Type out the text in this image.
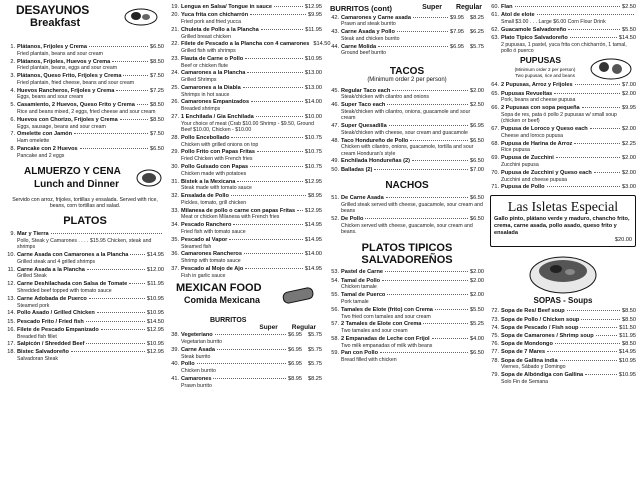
DESAYUNOS
Breakfast
1. Plátanos, Frijoles y Crema	$6.50
Fried plantain, beans and sour cream
2. Plátanos, Frijoles, Huevos y Crema	$8.50
Fried plantain, beans, eggs and sour cream
3. Plátanos, Queso Frito, Frijoles y Crema	$7.50
Fried plantain, fried cheese, beans and sour cream
4. Huevos Rancheros, Frijoles y Crema	$7.25
Eggs, beans and sour cream
5. Casamiento, 2 Huevos, Queso Frito y Crema	$8.50
Rice and beans mixed, 2 eggs, fried cheese and sour cream
6. Huevos con Chorizo, Frijoles y Crema	$8.50
Eggs, sausage, beans and sour cream
7. Omelette con Jamón	$7.50
Ham omelette
8. Pancake con 2 Huevos	$6.50
Pancake and 2 eggs
ALMUERZO Y CENA
Lunch and Dinner
Servido con arroz, frijoles, tortillas y ensalada. Served with rice, beans, corn tortillas and salad.
PLATOS
9. Mar y Tierra
Pollo, Steak y Camarones . . . . $15.95 Chicken, steak and shrimps
10. Carne Asada con Camarones a la Plancha	$14.95
Grilled steak and 4 grilled shrimps
11. Carne Asada a la Plancha	$12.00
Grilled Steak
12. Carne Deshilachada con Salsa de Tomate	$11.95
Shredded beef topped with tomato sauce
13. Carne Adobada de Puerco	$10.95
Steamed pork
14. Pollo Asado / Grilled Chicken	$10.95
15. Pescado Frito / Fried fish	$14.50
16. Filete de Pescado Empanizado	$12.95
Breaded fish fillet
17. Salpicón / Shredded Beef	$10.95
18. Bistec Salvadoreño	$12.95
Salvadoran Steak
19. Lengua en Salsa/ Tongue in sauce	$12.95
20. Yuca frita con chicharrón	$9.95
Fried pork and fried yucca
21. Chuleta de Pollo a la Plancha	$11.95
Grilled breast chicken
22. Filete de Pescado a la Plancha con 4 camarones $14.50
Grilled fish with shrimps
23. Flauta de Carne o Pollo	$10.95
Beef or chicken flute
24. Camarones a la Plancha	$13.00
Grilled Shrimps
25. Camarones a la Diabla	$13.00
Shrimps in hot sauce
26. Camarones Empanizados	$14.00
Breaded shrimps
27. 1 Enchilada / Gia Enchilada	$10.00
Your choice of meat (Crab $10.00 Shrimp - $9.50, Ground Beef $10.00, Chicken - $10.00
28. Pollo Encebollado	$10.75
Chicken with grilled onions on top
29. Pollo Frito con Papas Fritas	$10.75
Fried Chicken with French fries
30. Pollo Guisado con Papas	$10.75
Chicken made with potatoes
31. Bistek a la Mexicana	$12.95
Steak made with tomato sauce
32. Ensalada de Pollo	$8.95
Pickles, tomato, grill chicken
33. Milanesa de pollo o carne con papas Fritas $12.95
Meat or chicken Milanesa with French fries
34. Pescado Ranchero	$14.95
Fried fish with tomato sauce
35. Pescado al Vapor	$14.95
Steamed fish
36. Camarones Rancheros	$14.00
Shrimp with tomato sauce
37. Pescado al Mojo de Ajo	$14.95
Fish in garlic sauce
MEXICAN FOOD
Comida Mexicana
BURRITOS
Super Regular
38. Vegeteriano	$6.95 $5.75
Vegetarian burrito
39. Carne Asada	$6.95 $5.75
Steak burrito
40. Pollo	$6.95 $5.75
Chicken burrito
41. Camarones	$8.95 $8.25
Prawn burrito
BURRITOS (cont)	Super Regular
42. Camarones y Carne asada	$9.95 $8.25
Prawn and steak burrito
43. Carne Asada y Pollo	$7.95 $6.25
Steak and chicken burrito
44. Carne Molida	$6.95 $5.75
Ground beef burrito
TACOS
(Minimum order 2 per person)
45. Regular Taco each	$2.00
Steak/chicken with cilantro and onions
46. Super Taco each	$2.50
Steak/chicken with cilantro, onions, guacamole and sour cream
47. Super Quesadilla	$6.95
Steak/chicken with cheese, sour cream and guacamole
48. Taco Hondureño de Pollo	$6.50
Chicken with cilantro, onions, guacamole, tortilla and sour cream Honduran's style
49. Enchilada Hondureñas (2)	$6.50
50. Balladas (2)	$7.00
NACHOS
51. De Carne Asada	$6.50
Grilled steak served with cheese, guacamole, sour cream and beans
52. De Pollo	$6.50
Chicken served with cheese, guacamole, sour cream and beans.
PLATOS TIPICOS
SALVADOREÑOS
53. Pastel de Carne	$2.00
54. Tamal de Pollo	$2.00
Chicken tamale
55. Tamal de Puerco	$2.00
Pork tamale
56. Tamales de Elote (frito) con Crema	$5.50
Two fried corn tamales and sour cream
57. 2 Tamales de Elote con Crema	$5.25
Two tamales and sour cream
58. 2 Empanadas de Leche con Frijol	$4.00
Two milk empanadas of milk with beans
59. Pan con Pollo	$6.50
Bread filled with chicken
60. Flan	$2.50
61. Atol de elote
Small $3.00 . . . Large $6.00 Corn Flour Drink
62. Guacamole Salvadoreño	$5.50
63. Plato Típico Salvadoreño	$14.50
2 pupusas, 1 pastel, yuca frita con chicharrón, 1 tamal, pollo ó puerco
PUPUSAS
(Minimum order 2 per person) Two pupusas, rice and beans
64. 2 Pupusas, Arroz y Frijoles	$7.00
65. Pupusas Revueltas	$2.00
Pork, beans and cheese pupusa
66. 2 Pupusas con sopa pequeña	$9.95
Sopa de res, pata ó pollo 2 pupusas w/ small soup (chicken or beef)
67. Pupusa de Loroco y Queso each	$2.00
Cheese and loroco pupusa
68. Pupusa de Harina de Arroz	$2.25
Rice pupusa
69. Pupusa de Zucchini	$2.00
Zucchini pupusa
70. Pupusa de Zucchini y Queso each	$2.00
Zucchini and cheese pupusa
71. Pupusa de Pollo	$3.00
Las Isletas Especial
Gallo pinto, plátano verde y maduro, chancho frito, crema, carne asada, pollo asado, queso frito y ensalada
$20.00
SOPAS - Soups
72. Sopa de Res/ Beef soup	$8.50
73. Sopa de Pollo / Chicken soup	$8.50
74. Sopa de Pescado / Fish soup	$11.50
75. Sopa de Camarones / Shrimp soup	$11.95
76. Sopa de Mondongo	$8.50
77. Sopa de 7 Mares	$14.95
78. Sopa de Gallina india	$10.95
Viernes, Sábado y Domingo
79. Sopa de Albóndiga con Gallina	$10.95
Solo Fin de Semana
